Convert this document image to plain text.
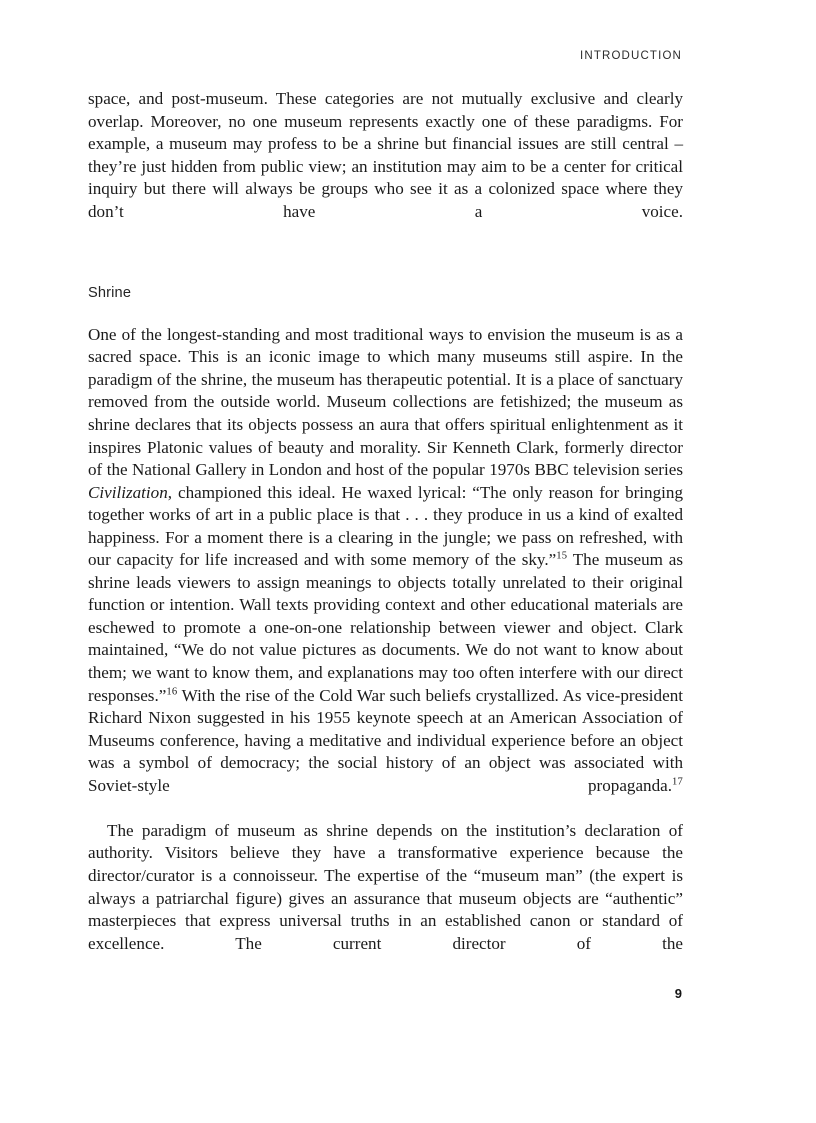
INTRODUCTION

space, and post-museum. These categories are not mutually exclusive and clearly overlap. Moreover, no one museum represents exactly one of these paradigms. For example, a museum may profess to be a shrine but financial issues are still central – they’re just hidden from public view; an institution may aim to be a center for critical inquiry but there will always be groups who see it as a colonized space where they don’t have a voice.

Shrine

One of the longest-standing and most traditional ways to envision the museum is as a sacred space. This is an iconic image to which many museums still aspire. In the paradigm of the shrine, the museum has therapeutic potential. It is a place of sanctuary removed from the outside world. Museum collections are fetishized; the museum as shrine declares that its objects possess an aura that offers spiritual enlightenment as it inspires Platonic values of beauty and morality. Sir Kenneth Clark, formerly director of the National Gallery in London and host of the popular 1970s BBC television series Civilization, championed this ideal. He waxed lyrical: “The only reason for bringing together works of art in a public place is that . . . they produce in us a kind of exalted happiness. For a moment there is a clearing in the jungle; we pass on refreshed, with our capacity for life increased and with some memory of the sky.”$^{15}$ The museum as shrine leads viewers to assign meanings to objects totally unrelated to their original function or intention. Wall texts providing context and other educational materials are eschewed to promote a one-on-one relationship between viewer and object. Clark maintained, “We do not value pictures as documents. We do not want to know about them; we want to know them, and explanations may too often interfere with our direct responses.”$^{16}$ With the rise of the Cold War such beliefs crystallized. As vice-president Richard Nixon suggested in his 1955 keynote speech at an American Association of Museums conference, having a meditative and individual experience before an object was a symbol of democracy; the social history of an object was associated with Soviet-style propaganda.$^{17}$

The paradigm of museum as shrine depends on the institution’s declaration of authority. Visitors believe they have a transformative experience because the director/curator is a connoisseur. The expertise of the “museum man” (the expert is always a patriarchal figure) gives an assurance that museum objects are “authentic” masterpieces that express universal truths in an established canon or standard of excellence. The current director of the

9
